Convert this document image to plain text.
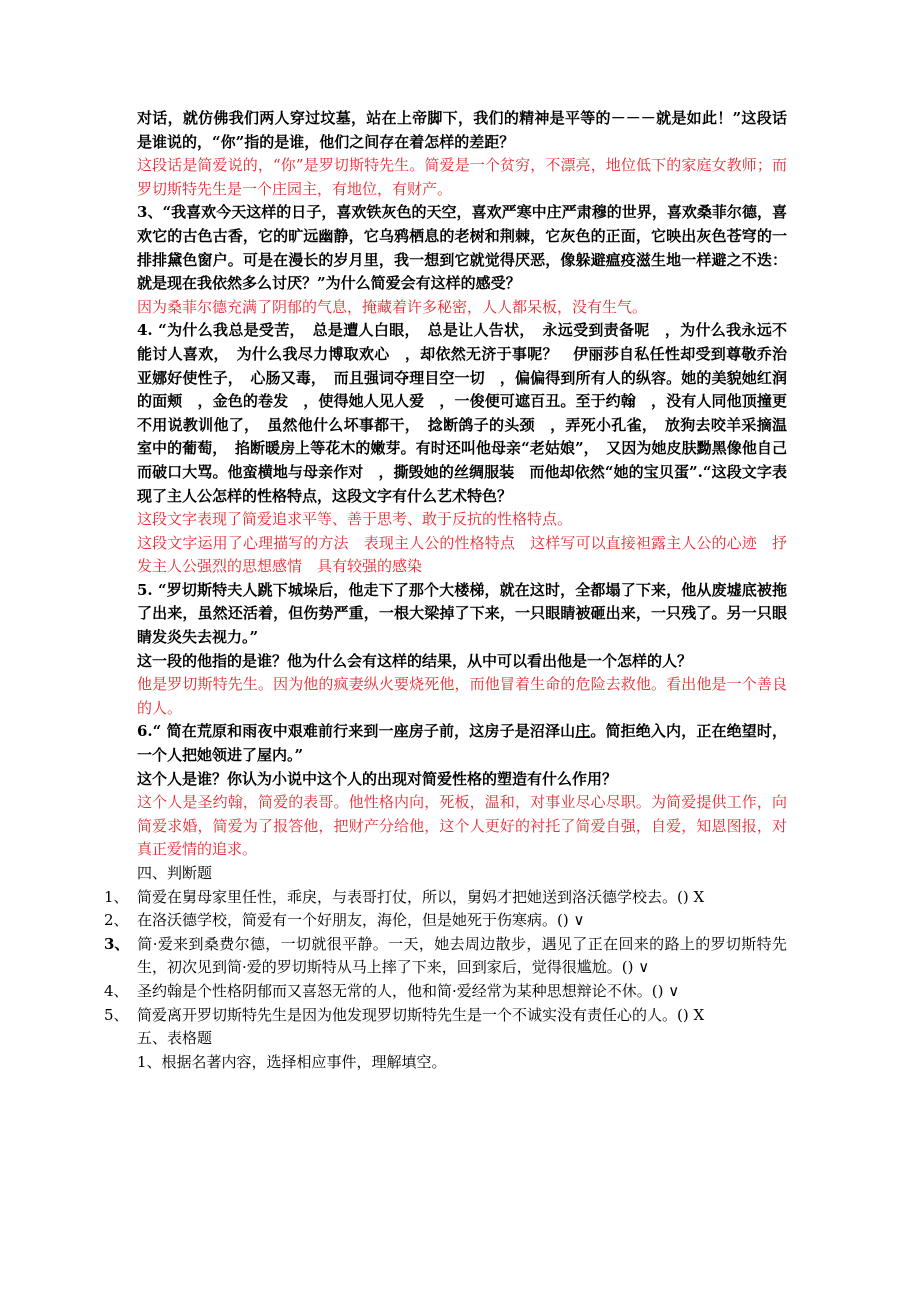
对话，就仿佛我们两人穿过坟墓，站在上帝脚下，我们的精神是平等的－－－就是如此！”这段话是谁说的，“你”指的是谁，他们之间存在着怎样的差距？

这段话是简爱说的，“你”是罗切斯特先生。简爱是一个贫穷，不漂亮，地位低下的家庭女教师；而罗切斯特先生是一个庄园主，有地位，有财产。

3、“我喜欢今天这样的日子，喜欢铁灰色的天空，喜欢严寒中庄严肃穆的世界，喜欢桑菲尔德，喜欢它的古色古香，它的旷远幽静，它乌鸦栖息的老树和荆棘，它灰色的正面，它映出灰色苍穹的一排排黛色窗户。可是在漫长的岁月里，我一想到它就觉得厌恶，像躲避瘟疫滋生地一样避之不迭：就是现在我依然多么讨厌？”为什么简爱会有这样的感受？

因为桑菲尔德充满了阴郁的气息，掩藏着许多秘密，人人都呆板，没有生气。

4. “为什么我总是受苦，　总是遭人白眼，　总是让人告状，　永远受到责备呢　，为什么我永远不能讨人喜欢，　为什么我尽力博取欢心　，却依然无济于事呢？　伊丽莎自私任性却受到尊敬乔治亚娜好使性子，　心肠又毒，　而且强词夺理目空一切　，偏偏得到所有人的纵容。她的美貌她红润的面颊　，金色的卷发　，使得她人见人爱　，一俊便可遮百丑。至于约翰　，没有人同他顶撞更不用说教训他了，　虽然他什么坏事都干，　捻断鸽子的头颈　，弄死小孔雀，　放狗去咬羊采摘温室中的葡萄，　掐断暖房上等花木的嫩芽。有时还叫他母亲“老姑娘”，　又因为她皮肤黝黑像他自己而破口大骂。他蛮横地与母亲作对　，撕毁她的丝绸服装　而他却依然“她的宝贝蛋”.“这段文字表现了主人公怎样的性格特点，这段文字有什么艺术特色？

这段文字表现了简爱追求平等、善于思考、敢于反抗的性格特点。

这段文字运用了心理描写的方法　表现主人公的性格特点　这样写可以直接袒露主人公的心迹　抒发主人公强烈的思想感情　具有较强的感染

5. “罗切斯特夫人跳下城垛后，他走下了那个大楼梯，就在这时，全都塌了下来，他从废墟底被拖了出来，虽然还活着，但伤势严重，一根大梁掉了下来，一只眼睛被砸出来，一只残了。另一只眼睛发炎失去视力。”

这一段的他指的是谁？他为什么会有这样的结果，从中可以看出他是一个怎样的人？

他是罗切斯特先生。因为他的疯妻纵火要烧死他，而他冒着生命的危险去救他。看出他是一个善良的人。

6.“ 简在荒原和雨夜中艰难前行来到一座房子前，这房子是沼泽山庄。简拒绝入内，正在绝望时，一个人把她领进了屋内。”

这个人是谁？你认为小说中这个人的出现对简爱性格的塑造有什么作用？

这个人是圣约翰，简爱的表哥。他性格内向，死板，温和，对事业尽心尽职。为简爱提供工作，向简爱求婚，简爱为了报答他，把财产分给他，这个人更好的衬托了简爱自强，自爱，知恩图报，对真正爱情的追求。

四、判断题

1、 简爱在舅母家里任性，乖戾，与表哥打仗，所以，舅妈才把她送到洛沃德学校去。() X

2、 在洛沃德学校，简爱有一个好朋友，海伦，但是她死于伤寒病。() ∨

3、 简·爱来到桑费尔德，一切就很平静。一天，她去周边散步，遇见了正在回来的路上的罗切斯特先生，初次见到简·爱的罗切斯特从马上摔了下来，回到家后，觉得很尴尬。() ∨

4、 圣约翰是个性格阴郁而又喜怒无常的人，他和简·爱经常为某种思想辩论不休。() ∨

5、 简爱离开罗切斯特先生是因为他发现罗切斯特先生是一个不诚实没有责任心的人。() X

五、表格题

1、根据名著内容，选择相应事件，理解填空。
